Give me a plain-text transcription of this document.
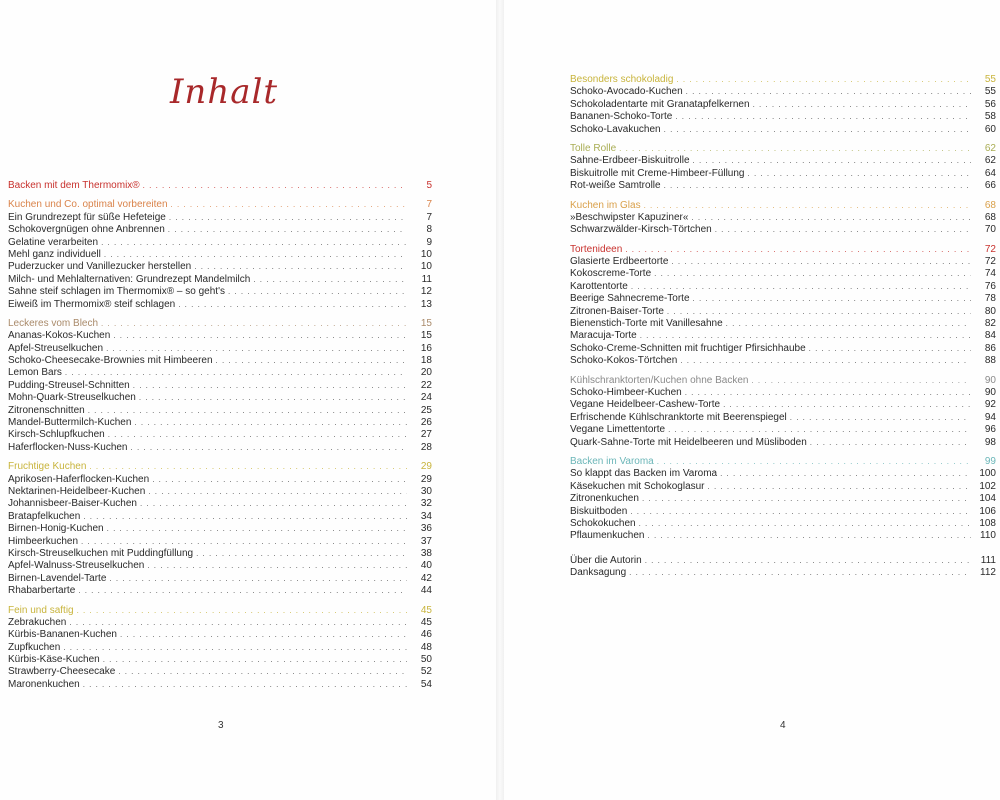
Inhalt
Backen mit dem Thermomix® . . .	5
Kuchen und Co. optimal vorbereiten . . .	7
Ein Grundrezept für süße Hefeteige . . .	7
Schokovergnügen ohne Anbrennen . . .	8
Gelatine verarbeiten . . .	9
Mehl ganz individuell . . .	10
Puderzucker und Vanillezucker herstellen . . .	10
Milch- und Mehlalternativen: Grundrezept Mandelmilch . . .	11
Sahne steif schlagen im Thermomix® – so geht's . . .	12
Eiweiß im Thermomix® steif schlagen . . .	13
Leckeres vom Blech . . .	15
Ananas-Kokos-Kuchen . . .	15
Apfel-Streuselkuchen . . .	16
Schoko-Cheesecake-Brownies mit Himbeeren . . .	18
Lemon Bars . . .	20
Pudding-Streusel-Schnitten . . .	22
Mohn-Quark-Streuselkuchen . . .	24
Zitronenschnitten . . .	25
Mandel-Buttermilch-Kuchen . . .	26
Kirsch-Schlupfkuchen . . .	27
Haferflocken-Nuss-Kuchen . . .	28
Fruchtige Kuchen . . .	29
Aprikosen-Haferflocken-Kuchen . . .	29
Nektarinen-Heidelbeer-Kuchen . . .	30
Johannisbeer-Baiser-Kuchen . . .	32
Bratapfelkuchen . . .	34
Birnen-Honig-Kuchen . . .	36
Himbeerkuchen . . .	37
Kirsch-Streuselkuchen mit Puddingfüllung . . .	38
Apfel-Walnuss-Streuselkuchen . . .	40
Birnen-Lavendel-Tarte . . .	42
Rhabarbertarte . . .	44
Fein und saftig . . .	45
Zebrakuchen . . .	45
Kürbis-Bananen-Kuchen . . .	46
Zupfkuchen . . .	48
Kürbis-Käse-Kuchen . . .	50
Strawberry-Cheesecake . . .	52
Maronenkuchen . . .	54
3	4
Besonders schokoladig . . .	55
Schoko-Avocado-Kuchen . . .	55
Schokoladentarte mit Granatapfelkernen . . .	56
Bananen-Schoko-Torte . . .	58
Schoko-Lavakuchen . . .	60
Tolle Rolle . . .	62
Sahne-Erdbeer-Biskuitrolle . . .	62
Biskuitrolle mit Creme-Himbeer-Füllung . . .	64
Rot-weiße Samtrolle . . .	66
Kuchen im Glas . . .	68
»Beschwipster Kapuziner« . . .	68
Schwarzwälder-Kirsch-Törtchen . . .	70
Tortenideen . . .	72
Glasierte Erdbeertorte . . .	72
Kokoscreme-Torte . . .	74
Karottentorte . . .	76
Beerige Sahnecreme-Torte . . .	78
Zitronen-Baiser-Torte . . .	80
Bienenstich-Torte mit Vanillesahne . . .	82
Maracuja-Torte . . .	84
Schoko-Creme-Schnitten mit fruchtiger Pfirsichhaube . . .	86
Schoko-Kokos-Törtchen . . .	88
Kühlschranktorten/Kuchen ohne Backen . . .	90
Schoko-Himbeer-Kuchen . . .	90
Vegane Heidelbeer-Cashew-Torte . . .	92
Erfrischende Kühlschranktorte mit Beerenspiegel . . .	94
Vegane Limettentorte . . .	96
Quark-Sahne-Torte mit Heidelbeeren und Müsliboden . . .	98
Backen im Varoma . . .	99
So klappt das Backen im Varoma . . .	100
Käsekuchen mit Schokoglasur . . .	102
Zitronenkuchen . . .	104
Biskuitboden . . .	106
Schokokuchen . . .	108
Pflaumenkuchen . . .	110
Über die Autorin . . .	111
Danksagung . . .	112
